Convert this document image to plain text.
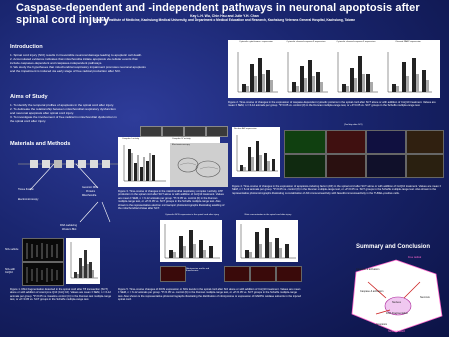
Caspase-dependent and -independent pathways in neuronal apoptosis after spinal cord injury	Kay L.H. Wu, Chin Hsu and Julie Y.H. Chan
Graduate Institute of Medicine, Kaohsiung Medical University, and Department o Medical Education and Research, Kaohsiung Veterans General Hospital, Kaohsiung, Taiwan
Introduction
1. Spinal cord injury (SCI) results in irreversible neuronal damage leading to apoptotic cell death.
2. Accumulated evidence indicates that mitochondria initiate apoptosis via cellular events that
include caspases-dependent and caspases-independent pathways.
3. We study the hypotheses that mitochondrial respiratory impairment promotes neuronal apoptosis
and the impairment is induced via early stage of free radical production after SCI.
Aims of Study
1. To identify the temporal profiles of apoptosis in the spinal cord after injury.
2. To delineate the relationship between mitochondrial respiratory dysfunction
and neuronal apoptosis after spinal cord injury.
3. To investigate the involvement of free radical in mitochondrial dysfunction in
the spinal cord after injury.
Materials and Methods
Tissue fixation
Electromicroscopy
Genomic DNA
Proteins
Mitochondria
DNA Laddering
Western Blot
SCI+vehicle
SCI+with CoQ10
Figure 1. DNA fragmentation detected in the spinal cord after T8 transection (SCT) alone or with addition of coenzyme Q10 (CoQ 10). Values are mean ± SEM, n = 6-12 animals per group. *P<0.05 vs. baseline control (C) in the Duncan test multiple-range test, or +P<0.05 vs. SCT groups in the Scheffe multiple-range test.
Cytosolic cytochrome c expression	Cytosolic cleaved caspase-9 expression	Cytosolic cleaved caspase-3 expression	Cleaved PARP expression
Figure 2. Time-course of changes in the expression of caspase-dependent cytosolic proteins in the spinal cord after SCT alone or with addition of CoQ10 treatment. Values are mean ± SEM, n = 6-12 animals per group. *P<0.05 vs. control (0) in the Duncan multiple-range test, or +P<0.05 vs. SCT groups in the Scheffe multiple-range test.
Complex I activity	Complex IV activity
Electromicroscopy
Figure 3. Time-course of changes in the mitochondrial respiratory complex I activity, ATP production in the spinal cord after SCT alone or with addition of CoQ10 treatment. Values are mean ± SEM, n = 6-12 animals per group. *P<0.05 vs. control (0) in the Duncan multiple-range test, or +P<0.05 vs. SCT groups in the Scheffe multiple-range test. Also shown is the representative electron microscopic photomicrographs illustrating swelling of the mitochondrial cristae after SCT.
Nuclear AIF expression
(2nd day after SCI)
Figure 4. Time-course of changes in the expression of apoptosis-inducing factor (AIF) in the spinal cord after SCT alone or with addition of CoQ10 treatment. Values are mean ± SEM, n = 6-12 animals per group. *P<0.05 vs. control (0) in the Duncan multiple-range test, or +P<0.05 vs. SCT groups in the Scheffe multiple-range test. Also shown is the representative photomicrographs illustrating co-localization of AIF-immunoreactivity with fasudil-immunoreactivity in the TUNEL-positive cells.
Cytosolic iNOS expression in the spinal cord after injury	Nitric concentration in the spinal cord after injury
Nitrotyrosine and its red fluorescence
Figure 5. Time-course changes of iNOS expression or NOx levels in the spinal cord after SCI alone or with addition of CoQ10 treatment. Values are mean ± SEM, n = 6-12 animals per group. *P<0.05 vs. control (0) in the Duncan multiple-range test, or +P<0.05 vs. SCT groups in the Scheffe multiple-range test. Also shown is the representative photomicrographs illustrating the distribution of nitrotyrosine or expression of NADPH oxidase subunits in the injured spinal cord.
Summary and Conclusion
Free radical
Caspase-9 activation
Caspase-3 activation
Nucleus
DNA Fragmentation
Apoptosis
Necrosis
Neuronal death
